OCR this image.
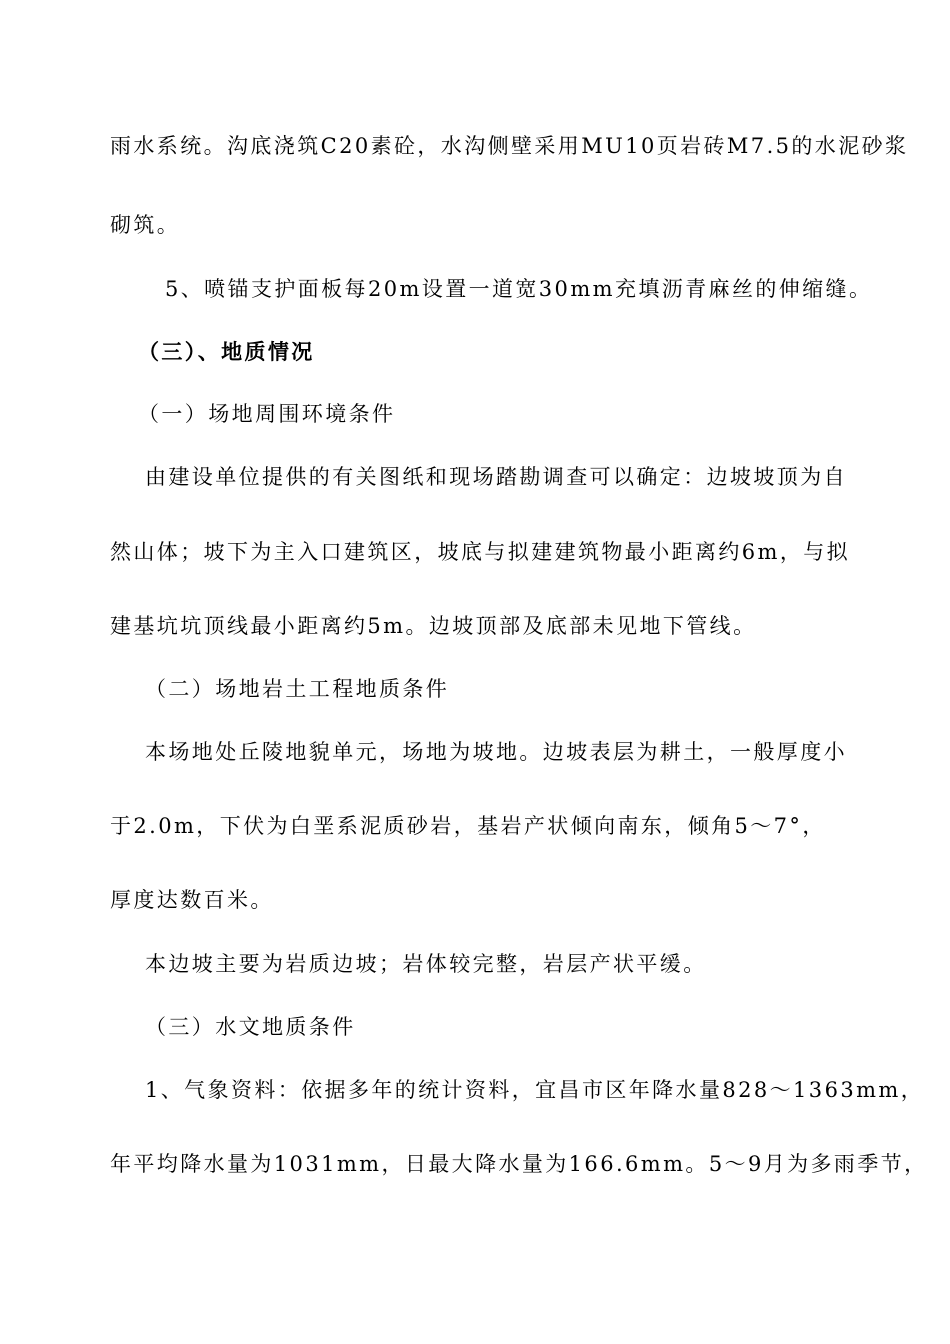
雨水系统。沟底浇筑C20素砼，水沟侧壁采用MU10页岩砖M7.5的水泥砂浆
砌筑。
5、喷锚支护面板每20m设置一道宽30mm充填沥青麻丝的伸缩缝。
（三）、地质情况
（一）场地周围环境条件
由建设单位提供的有关图纸和现场踏勘调查可以确定：边坡坡顶为自
然山体；坡下为主入口建筑区，坡底与拟建建筑物最小距离约6m，与拟
建基坑坑顶线最小距离约5m。边坡顶部及底部未见地下管线。
（二）场地岩土工程地质条件
本场地处丘陵地貌单元，场地为坡地。边坡表层为耕土，一般厚度小
于2.0m，下伏为白垩系泥质砂岩，基岩产状倾向南东，倾角5～7°，
厚度达数百米。
本边坡主要为岩质边坡；岩体较完整，岩层产状平缓。
（三）水文地质条件
1、气象资料：依据多年的统计资料，宜昌市区年降水量828～1363mm，
年平均降水量为1031mm，日最大降水量为166.6mm。5～9月为多雨季节，
